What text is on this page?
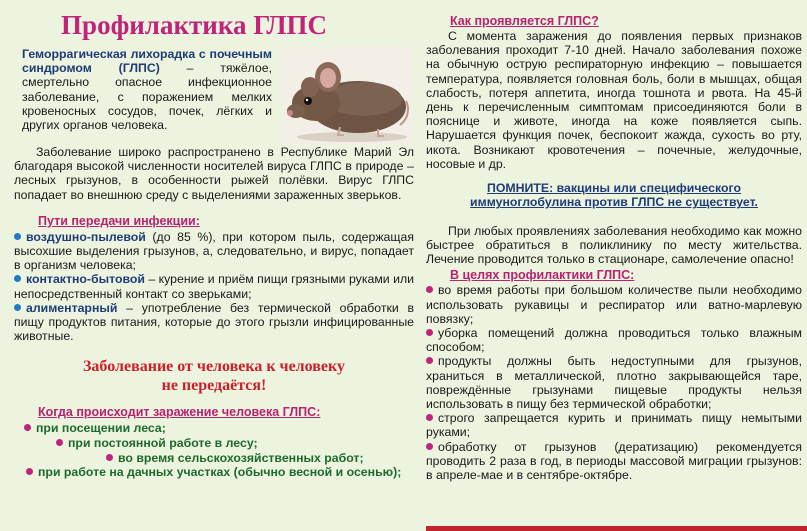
Профилактика ГЛПС

Геморрагическая лихорадка с почечным синдромом (ГЛПС) – тяжёлое, смертельно опасное инфекционное заболевание, с поражением мелких кровеносных сосудов, почек, лёгких и других органов человека.

Заболевание широко распространено в Республике Марий Эл благодаря высокой численности носителей вируса ГЛПС в природе – лесных грызунов, в особенности рыжей полёвки. Вирус ГЛПС попадает во внешнюю среду с выделениями зараженных зверьков.

Пути передачи инфекции:

воздушно-пылевой (до 85 %), при котором пыль, содержащая высохшие выделения грызунов, а, следовательно, и вирус, попадает в организм человека;

контактно-бытовой – курение и приём пищи грязными руками или непосредственный контакт со зверьками;

алиментарный – употребление без термической обработки в пищу продуктов питания, которые до этого грызли инфицированные животные.

Заболевание от человека к человеку
не передаётся!
Когда происходит заражение человека ГЛПС:
при посещении леса;
при постоянной работе в лесу;
во время сельскохозяйственных работ;
при работе на дачных участках (обычно весной и осенью);
Как проявляется ГЛПС?

С момента заражения до появления первых признаков заболевания проходит 7-10 дней. Начало заболевания похоже на обычную острую респираторную инфекцию – повышается температура, появляется головная боль, боли в мышцах, общая слабость, потеря аппетита, иногда тошнота и рвота. На 45-й день к перечисленным симптомам присоединяются боли в пояснице и животе, иногда на коже появляется сыпь. Нарушается функция почек, беспокоит жажда, сухость во рту, икота. Возникают кровотечения – почечные, желудочные, носовые и др.

ПОМНИТЕ: вакцины или специфического
иммуноглобулина против ГЛПС не существует.

При любых проявлениях заболевания необходимо как можно быстрее обратиться в поликлинику по месту жительства. Лечение проводится только в стационаре, самолечение опасно!

В целях профилактики ГЛПС:

во время работы при большом количестве пыли необходимо использовать рукавицы и респиратор или ватно-марлевую повязку;

уборка помещений должна проводиться только влажным способом;

продукты должны быть недоступными для грызунов, храниться в металлической, плотно закрывающейся таре, повреждённые грызунами пищевые продукты нельзя использовать в пищу без термической обработки;

строго запрещается курить и принимать пищу немытыми руками;

обработку от грызунов (дератизацию) рекомендуется проводить 2 раза в год, в периоды массовой миграции грызунов: в апреле-мае и в сентябре-октябре.
